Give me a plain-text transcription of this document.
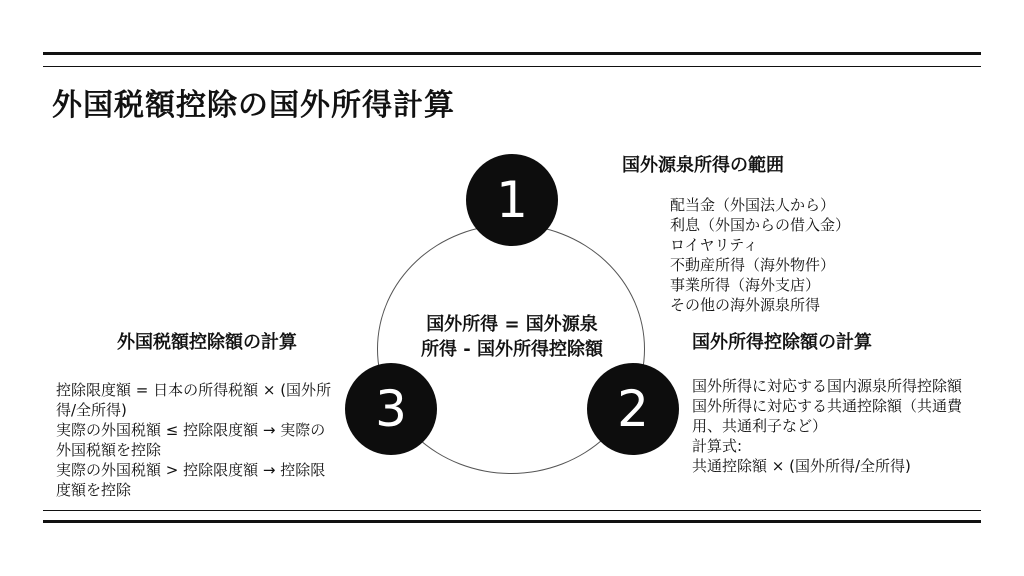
外国税額控除の国外所得計算
国外所得 = 国外源泉
所得 - 国外所得控除額
1
2
3
国外源泉所得の範囲
配当金（外国法人から）
利息（外国からの借入金）
ロイヤリティ
不動産所得（海外物件）
事業所得（海外支店）
その他の海外源泉所得
国外所得控除額の計算
国外所得に対応する国内源泉所得控除額
国外所得に対応する共通控除額（共通費用、共通利子など）
計算式:
共通控除額 × (国外所得/全所得)
外国税額控除額の計算
控除限度額 = 日本の所得税額 × (国外所得/全所得)
実際の外国税額 ≤ 控除限度額 → 実際の外国税額を控除
実際の外国税額 > 控除限度額 → 控除限度額を控除
